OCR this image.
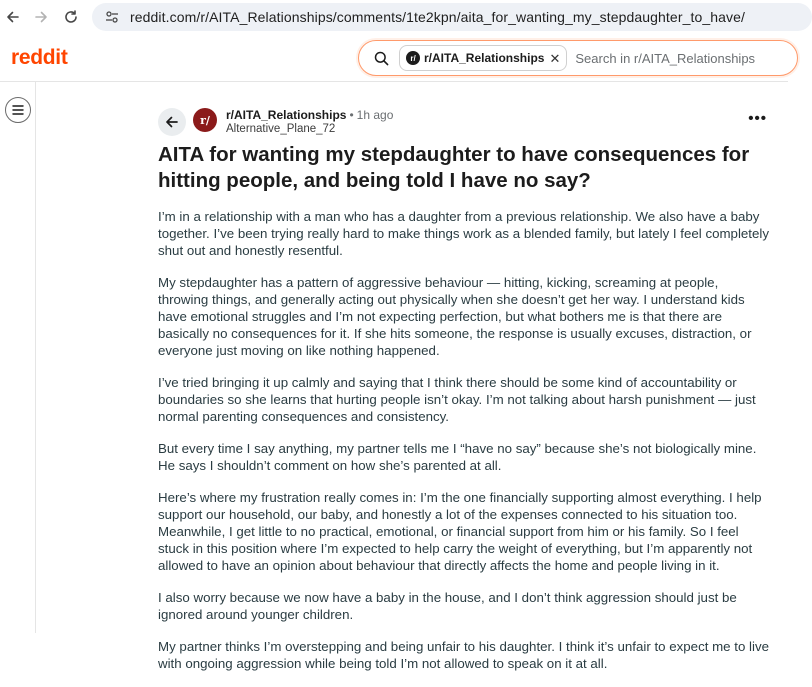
reddit.com/r/AITA_Relationships/comments/1te2kpn/aita_for_wanting_my_stepdaughter_to_have/
reddit	r/ r/AITA_Relationships ✕ Search in r/AITA_Relationships
r/	r/AITA_Relationships • 1h ago
Alternative_Plane_72
•••
AITA for wanting my stepdaughter to have consequences for hitting people, and being told I have no say?

I’m in a relationship with a man who has a daughter from a previous relationship. We also have a baby together. I’ve been trying really hard to make things work as a blended family, but lately I feel completely shut out and honestly resentful.

My stepdaughter has a pattern of aggressive behaviour — hitting, kicking, screaming at people, throwing things, and generally acting out physically when she doesn’t get her way. I understand kids have emotional struggles and I’m not expecting perfection, but what bothers me is that there are basically no consequences for it. If she hits someone, the response is usually excuses, distraction, or everyone just moving on like nothing happened.

I’ve tried bringing it up calmly and saying that I think there should be some kind of accountability or boundaries so she learns that hurting people isn’t okay. I’m not talking about harsh punishment — just normal parenting consequences and consistency.

But every time I say anything, my partner tells me I “have no say” because she’s not biologically mine. He says I shouldn’t comment on how she’s parented at all.

Here’s where my frustration really comes in: I’m the one financially supporting almost everything. I help support our household, our baby, and honestly a lot of the expenses connected to his situation too. Meanwhile, I get little to no practical, emotional, or financial support from him or his family. So I feel stuck in this position where I’m expected to help carry the weight of everything, but I’m apparently not allowed to have an opinion about behaviour that directly affects the home and people living in it.

I also worry because we now have a baby in the house, and I don’t think aggression should just be ignored around younger children.

My partner thinks I’m overstepping and being unfair to his daughter. I think it’s unfair to expect me to live with ongoing aggression while being told I’m not allowed to speak on it at all.
